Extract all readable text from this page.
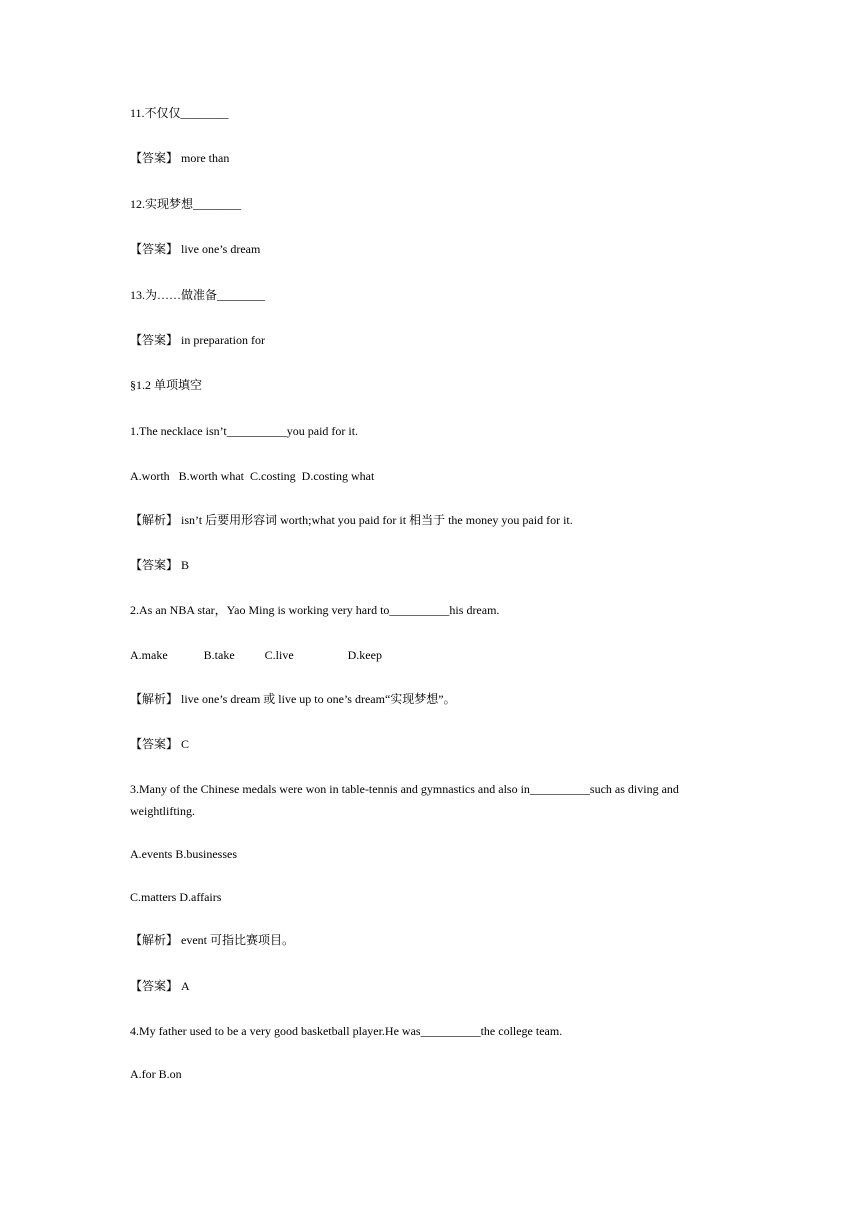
11.不仅仅________
【答案】 more than
12.实现梦想________
【答案】 live one’s dream
13.为……做准备________
【答案】 in preparation for
§1.2 单项填空
1.The necklace isn’t__________you paid for it.
A.worth   B.worth what  C.costing  D.costing what
【解析】 isn’t 后要用形容词 worth;what you paid for it 相当于 the money you paid for it.
【答案】 B
2.As an NBA star，Yao Ming is working very hard to__________his dream.
A.make            B.take          C.live                  D.keep
【解析】 live one’s dream 或 live up to one’s dream“实现梦想”。
【答案】 C
3.Many of the Chinese medals were won in table-tennis and gymnastics and also in__________such as diving and weightlifting.
A.events B.businesses
C.matters D.affairs
【解析】 event 可指比赛项目。
【答案】 A
4.My father used to be a very good basketball player.He was__________the college team.
A.for B.on
